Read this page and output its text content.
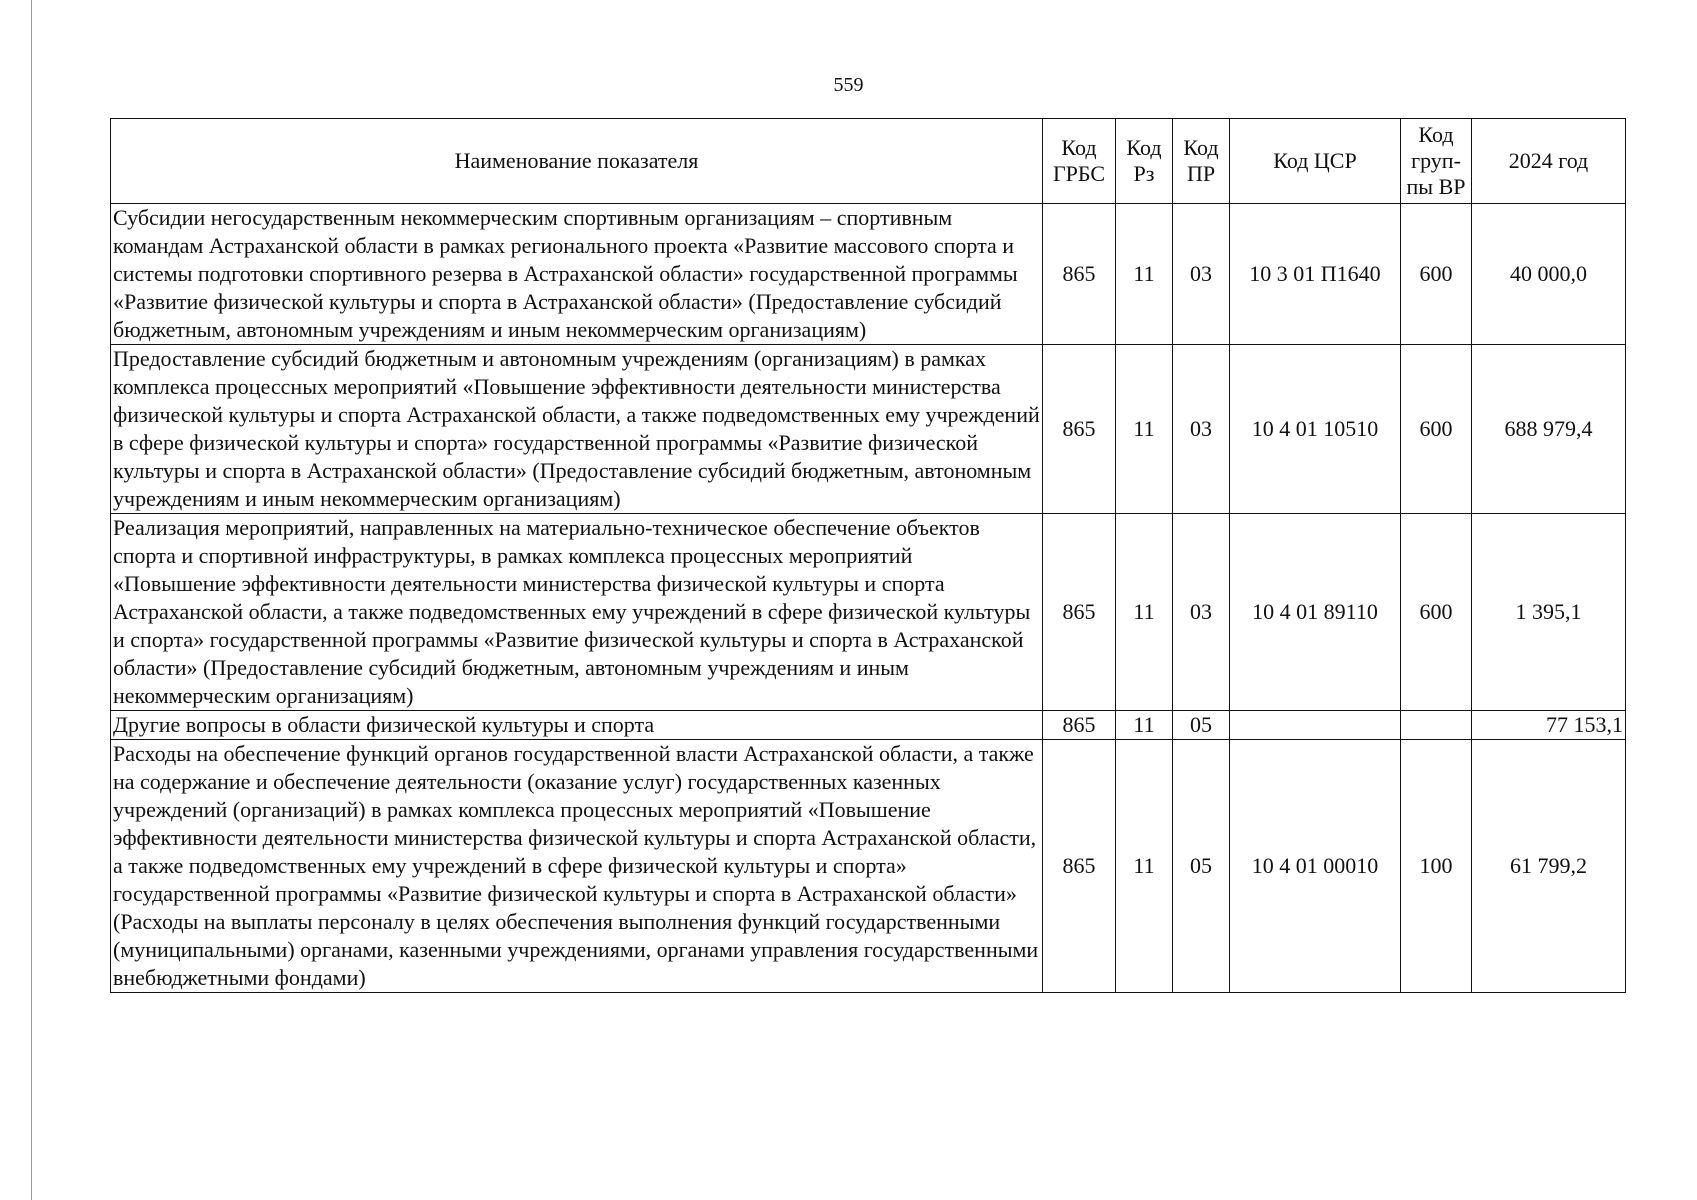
559
Наименование показателя	Код ГРБС	Код Рз	Код ПР	Код ЦСР	Код груп-пы ВР	2024 год
Субсидии негосударственным некоммерческим спортивным организациям – спортивным командам Астраханской области в рамках регионального проекта «Развитие массового спорта и системы подготовки спортивного резерва в Астраханской области» государственной программы «Развитие физической культуры и спорта в Астраханской области» (Предоставление субсидий бюджетным, автономным учреждениям и иным некоммерческим организациям)	865	11	03	10 3 01 П1640	600	40 000,0
Предоставление субсидий бюджетным и автономным учреждениям (организациям) в рамках комплекса процессных мероприятий «Повышение эффективности деятельности министерства физической культуры и спорта Астраханской области, а также подведомственных ему учреждений в сфере физической культуры и спорта» государственной программы «Развитие физической культуры и спорта в Астраханской области» (Предоставление субсидий бюджетным, автономным учреждениям и иным некоммерческим организациям)	865	11	03	10 4 01 10510	600	688 979,4
Реализация мероприятий, направленных на материально-техническое обеспечение объектов спорта и спортивной инфраструктуры, в рамках комплекса процессных мероприятий «Повышение эффективности деятельности министерства физической культуры и спорта Астраханской области, а также подведомственных ему учреждений в сфере физической культуры и спорта» государственной программы «Развитие физической культуры и спорта в Астраханской области» (Предоставление субсидий бюджетным, автономным учреждениям и иным некоммерческим организациям)	865	11	03	10 4 01 89110	600	1 395,1
Другие вопросы в области физической культуры и спорта	865	11	05			77 153,1
Расходы на обеспечение функций органов государственной власти Астраханской области, а также на содержание и обеспечение деятельности (оказание услуг) государственных казенных учреждений (организаций) в рамках комплекса процессных мероприятий «Повышение эффективности деятельности министерства физической культуры и спорта Астраханской области, а также подведомственных ему учреждений в сфере физической культуры и спорта» государственной программы «Развитие физической культуры и спорта в Астраханской области» (Расходы на выплаты персоналу в целях обеспечения выполнения функций государственными (муниципальными) органами, казенными учреждениями, органами управления государственными внебюджетными фондами)	865	11	05	10 4 01 00010	100	61 799,2
